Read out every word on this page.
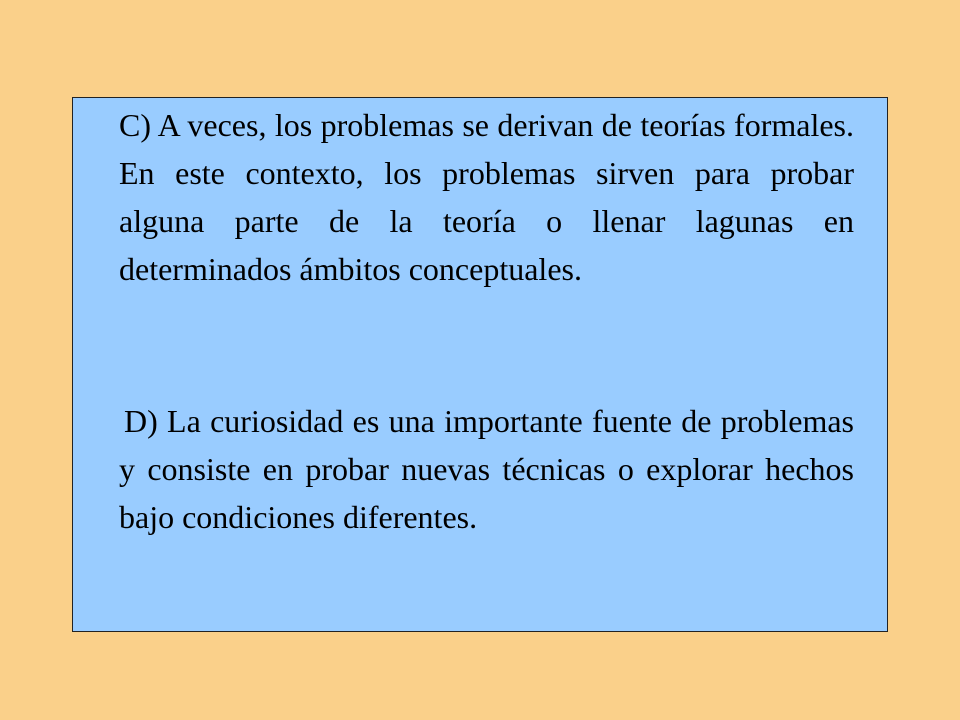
C) A veces, los problemas se derivan de teorías formales. En este contexto, los problemas sirven para probar alguna parte de la teoría o llenar lagunas en determinados ámbitos conceptuales.

D) La curiosidad es una importante fuente de problemas y consiste en probar nuevas técnicas o explorar hechos bajo condiciones diferentes.
